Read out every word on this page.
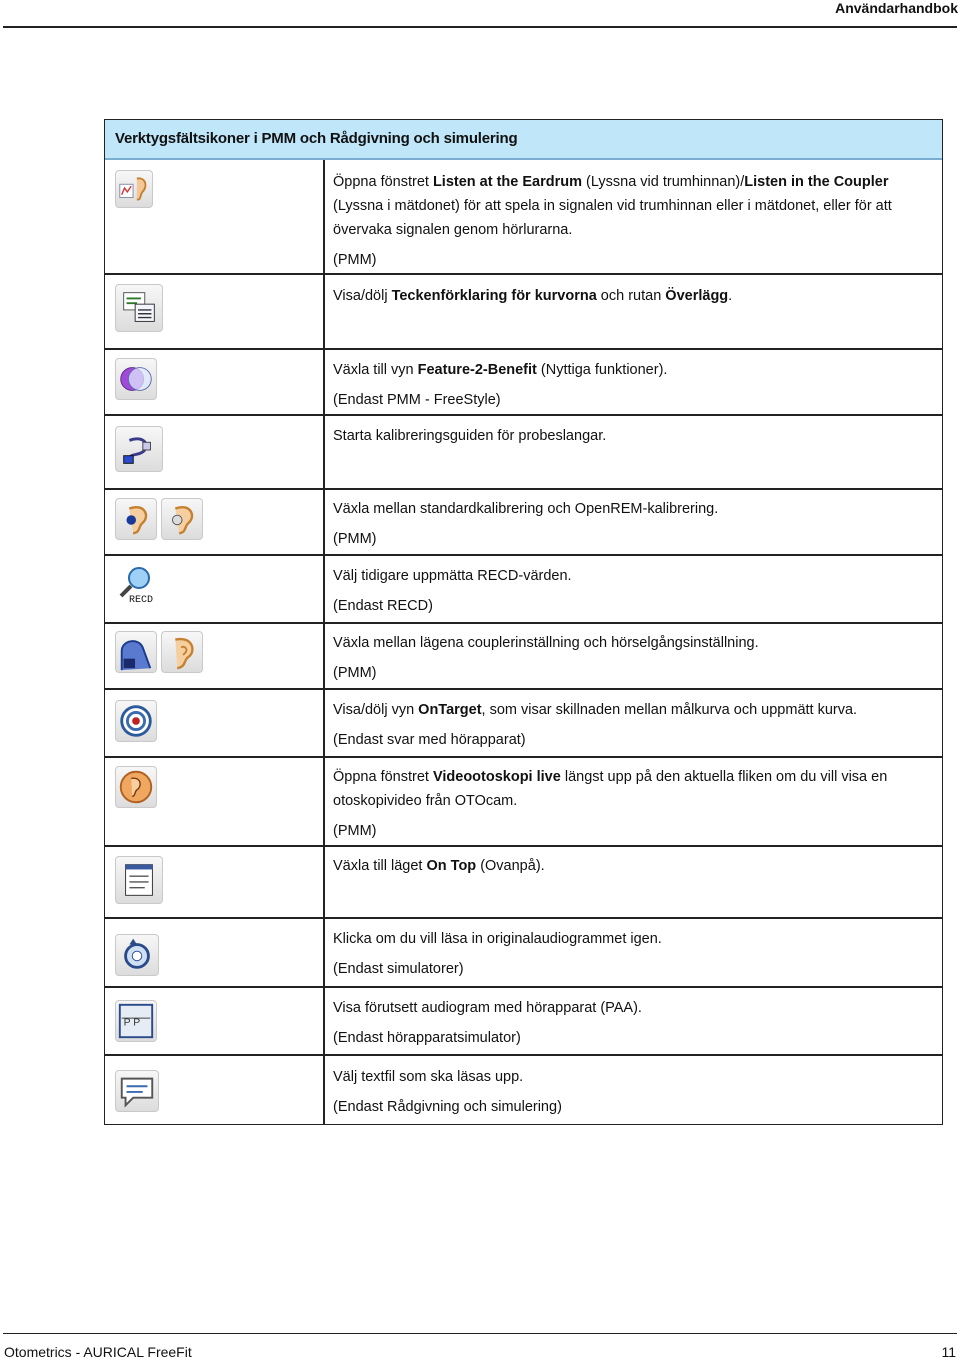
Användarhandbok
Verktygsfältsikoner i PMM och Rådgivning och simulering

Öppna fönstret Listen at the Eardrum (Lyssna vid trumhinnan)/Listen in the Coupler (Lyssna i mätdonet) för att spela in signalen vid trumhinnan eller i mätdonet, eller för att övervaka signalen genom hörlurarna.

(PMM)

Visa/dölj Teckenförklaring för kurvorna och rutan Överlägg.

Växla till vyn Feature-2-Benefit (Nyttiga funktioner).

(Endast PMM - FreeStyle)

Starta kalibreringsguiden för probeslangar.

Växla mellan standardkalibrering och OpenREM-kalibrering.

(PMM)

RECD

Välj tidigare uppmätta RECD-värden.

(Endast RECD)

Växla mellan lägena couplerinställning och hörselgångsinställning.

(PMM)

Visa/dölj vyn OnTarget, som visar skillnaden mellan målkurva och uppmätt kurva.

(Endast svar med hörapparat)

Öppna fönstret Videootoskopi live längst upp på den aktuella fliken om du vill visa en otoskopivideo från OTOcam.

(PMM)

Växla till läget On Top (Ovanpå).

Klicka om du vill läsa in originalaudiogrammet igen.

(Endast simulatorer)

P P

Visa förutsett audiogram med hörapparat (PAA).

(Endast hörapparatsimulator)

Välj textfil som ska läsas upp.

(Endast Rådgivning och simulering)

Otometrics - AURICAL FreeFit	11
